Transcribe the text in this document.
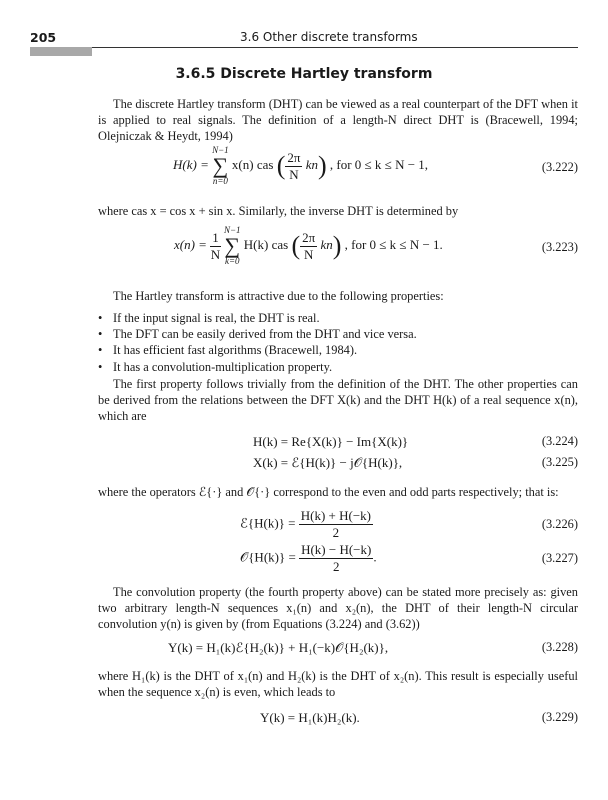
205	3.6 Other discrete transforms
3.6.5 Discrete Hartley transform
The discrete Hartley transform (DHT) can be viewed as a real counterpart of the DFT when it is applied to real signals. The definition of a length-N direct DHT is (Bracewell, 1994; Olejniczak & Heydt, 1994)
H(k) =
N−1
∑
n=0
x(n) cas ( $\frac{2\pi}{N} kn$) , for 0 ≤ k ≤ N − 1,	(3.222)
where cas x = cos x + sin x. Similarly, the inverse DHT is determined by
$x(n) = \frac{1}{N}$
N−1
∑
k=0
H(k) cas ( $\frac{2\pi}{N} kn$) , for 0 ≤ k ≤ N − 1.	(3.223)
The Hartley transform is attractive due to the following properties:
• If the input signal is real, the DHT is real.
• The DFT can be easily derived from the DHT and vice versa.
• It has efficient fast algorithms (Bracewell, 1984).
• It has a convolution-multiplication property.
The first property follows trivially from the definition of the DHT. The other properties can be derived from the relations between the DFT X(k) and the DHT H(k) of a real sequence x(n), which are
H(k) = Re{X(k)} − Im{X(k)}	(3.224)
X(k) = ℰ{H(k)} − j𝒪{H(k)},	(3.225)
where the operators ℰ{·} and 𝒪{·} correspond to the even and odd parts respectively; that is:
ℰ{H(k)} = $\frac{H(k) + H(-k)}{2}$	(3.226)
𝒪{H(k)} = $\frac{H(k) - H(-k)}{2}$ .	(3.227)
The convolution property (the fourth property above) can be stated more precisely as: given two arbitrary length-N sequences x₁(n) and x₂(n), the DHT of their length-N circular convolution y(n) is given by (from Equations (3.224) and (3.62))
Y(k) = H₁(k)ℰ{H₂(k)} + H₁(−k)𝒪{H₂(k)},	(3.228)
where H₁(k) is the DHT of x₁(n) and H₂(k) is the DHT of x₂(n). This result is especially useful when the sequence x₂(n) is even, which leads to
Y(k) = H₁(k)H₂(k).	(3.229)
